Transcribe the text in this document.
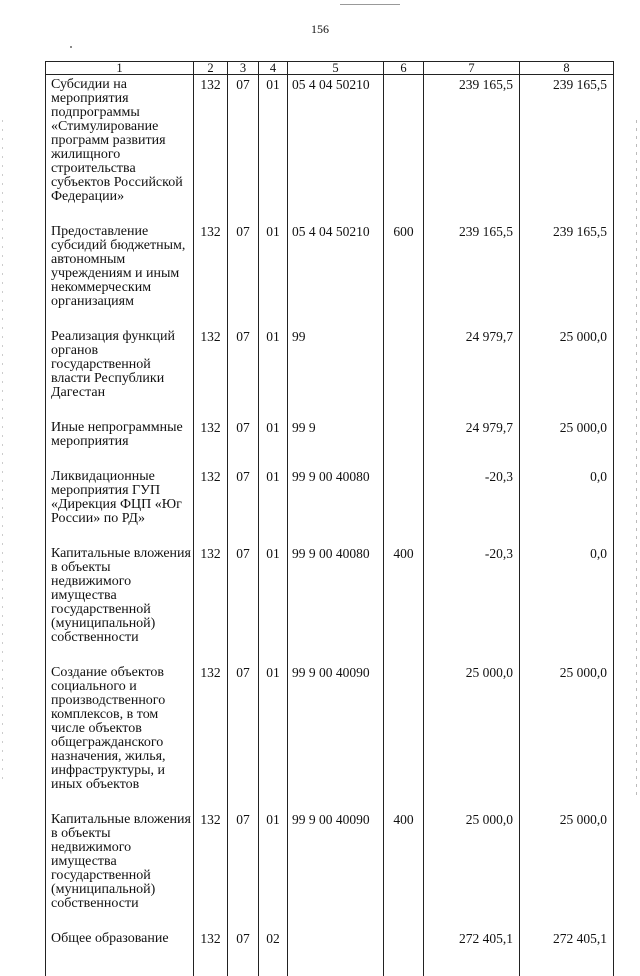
156
1	2	3	4	5	6	7	8
Субсидии на мероприятия подпрограммы «Стимулирование программ развития жилищного строительства субъектов Российской Федерации»	132	07	01	05 4 04 50210		239 165,5	239 165,5
Предоставление субсидий бюджетным, автономным учреждениям и иным некоммерческим организациям	132	07	01	05 4 04 50210	600	239 165,5	239 165,5
Реализация функций органов государственной власти Республики Дагестан	132	07	01	99		24 979,7	25 000,0
Иные непрограммные мероприятия	132	07	01	99 9		24 979,7	25 000,0
Ликвидационные мероприятия ГУП «Дирекция ФЦП «Юг России» по РД»	132	07	01	99 9 00 40080		-20,3	0,0
Капитальные вложения в объекты недвижимого имущества государственной (муниципальной) собственности	132	07	01	99 9 00 40080	400	-20,3	0,0
Создание объектов социального и производственного комплексов, в том числе объектов общегражданского назначения, жилья, инфраструктуры, и иных объектов	132	07	01	99 9 00 40090		25 000,0	25 000,0
Капитальные вложения в объекты недвижимого имущества государственной (муниципальной) собственности	132	07	01	99 9 00 40090	400	25 000,0	25 000,0
Общее образование	132	07	02			272 405,1	272 405,1
